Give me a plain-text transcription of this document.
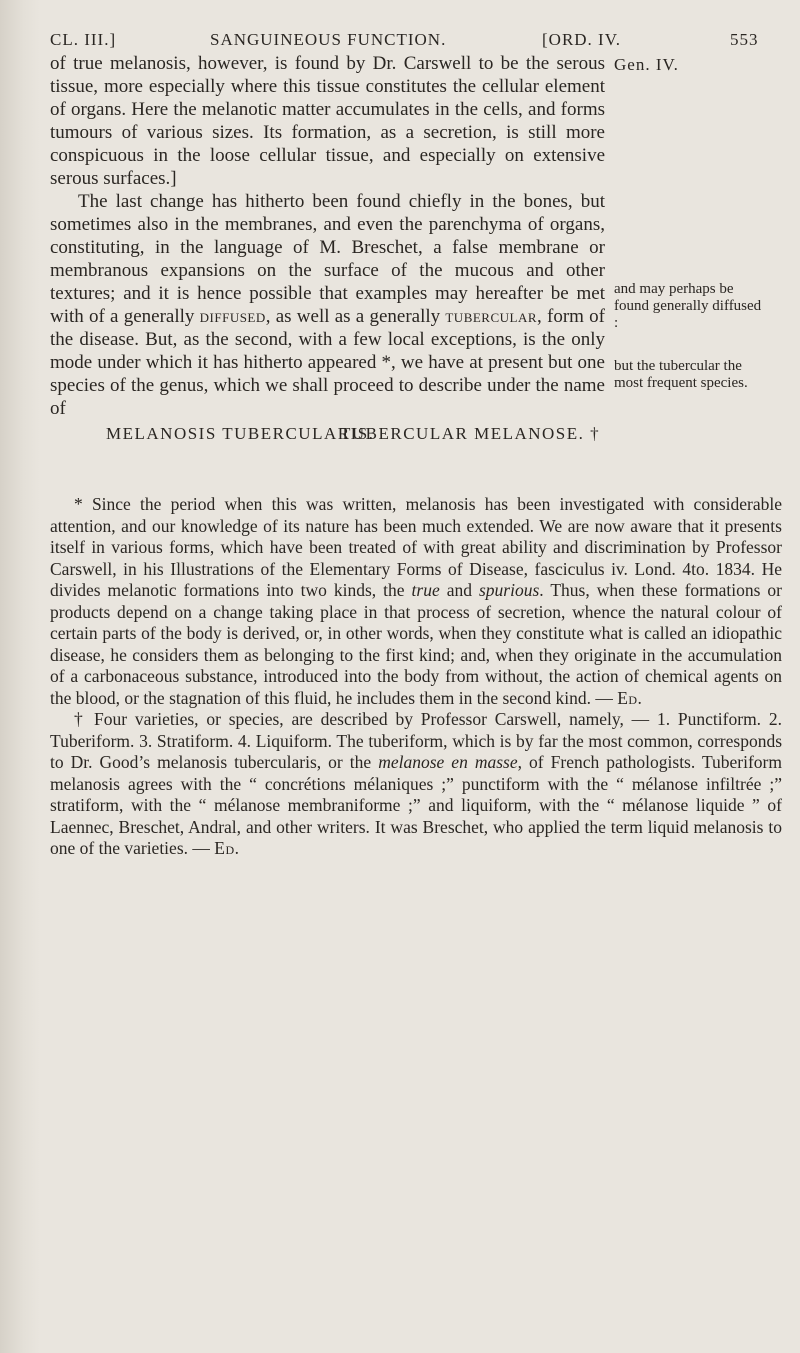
CL. III.]	SANGUINEOUS FUNCTION.	[ORD. IV.	553
Gen. IV.
and may perhaps be found generally diffused :
but the tubercular the most frequent species.

of true melanosis, however, is found by Dr. Carswell to be the serous tissue, more especially where this tissue constitutes the cellular element of organs. Here the melanotic matter accumulates in the cells, and forms tumours of various sizes. Its formation, as a secretion, is still more conspicuous in the loose cellular tissue, and especially on extensive serous surfaces.]

The last change has hitherto been found chiefly in the bones, but sometimes also in the membranes, and even the parenchyma of organs, constituting, in the language of M. Breschet, a false membrane or membranous expansions on the surface of the mucous and other textures; and it is hence possible that examples may hereafter be met with of a generally diffused, as well as a generally tubercular, form of the disease. But, as the second, with a few local exceptions, is the only mode under which it has hitherto appeared *, we have at present but one species of the genus, which we shall proceed to describe under the name of

MELANOSIS TUBERCULARIS.
TUBERCULAR MELANOSE. †

* Since the period when this was written, melanosis has been investigated with considerable attention, and our knowledge of its nature has been much extended. We are now aware that it presents itself in various forms, which have been treated of with great ability and discrimination by Professor Carswell, in his Illustrations of the Elementary Forms of Disease, fasciculus iv. Lond. 4to. 1834. He divides melanotic formations into two kinds, the true and spurious. Thus, when these formations or products depend on a change taking place in that process of secretion, whence the natural colour of certain parts of the body is derived, or, in other words, when they constitute what is called an idiopathic disease, he considers them as belonging to the first kind; and, when they originate in the accumulation of a carbonaceous substance, introduced into the body from without, the action of chemical agents on the blood, or the stagnation of this fluid, he includes them in the second kind. — Ed.

† Four varieties, or species, are described by Professor Carswell, namely, — 1. Punctiform. 2. Tuberiform. 3. Stratiform. 4. Liquiform. The tuberiform, which is by far the most common, corresponds to Dr. Good’s melanosis tubercularis, or the melanose en masse, of French pathologists. Tuberiform melanosis agrees with the “ concrétions mélaniques ;” punctiform with the “ mélanose infiltrée ;” stratiform, with the “ mélanose membraniforme ;” and liquiform, with the “ mélanose liquide ” of Laennec, Breschet, Andral, and other writers. It was Breschet, who applied the term liquid melanosis to one of the varieties. — Ed.
